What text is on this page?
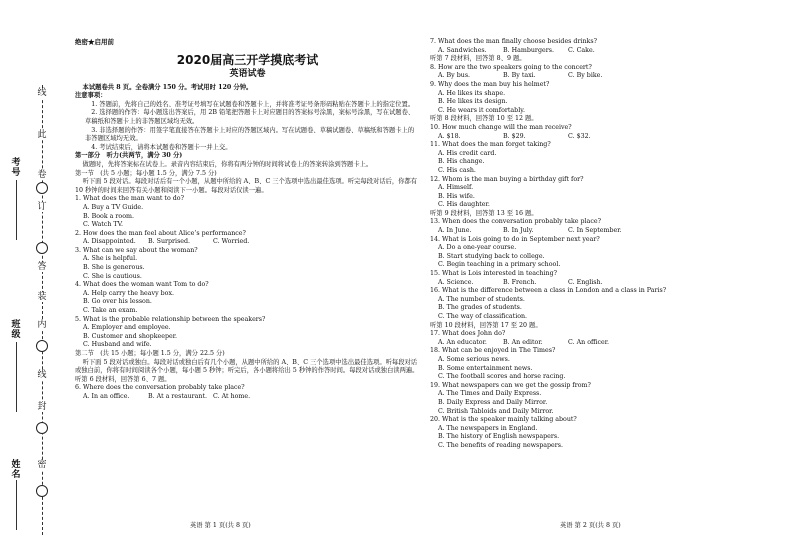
线
此
卷
订
答
装
内
线
封
密
考号
班级
姓名
绝密★启用前
2020届高三开学摸底考试
英语试卷
本试题卷共 8 页。全卷满分 150 分。考试用时 120 分钟。
注意事项：
1. 答题前，先将自己的姓名、准考证号填写在试题卷和答题卡上，并将准考证号条形码粘贴在答题卡上的指定位置。
2. 选择题的作答：每小题选出答案后，用 2B 铅笔把答题卡上对应题目的答案标号涂黑，案标号涂黑，写在试题卷、草稿纸和答题卡上的非答题区域均无效。
3. 非选择题的作答：用签字笔直接答在答题卡上对应的答题区域内。写在试题卷、草稿试题卷、草稿纸和答题卡上的非答题区域均无效。
4. 考试结束后，请将本试题卷和答题卡一并上交。
第一部分　听力(共两节，满分 30 分)
做题时，先将答案标在试卷上。录音内容结束后，你将有两分钟的时间将试卷上的答案转涂到答题卡上。
第一节　(共 5 小题；每小题 1.5 分，满分 7.5 分)
听下面 5 段对话。每段对话后有一个小题，从题中所给的 A、B、C 三个选项中选出最佳选项。听完每段对话后，你都有 10 秒钟的时间来回答有关小题和阅读下一小题。每段对话仅读一遍。
1. What does the man want to do?
A. Buy a TV Guide.
B. Book a room.
C. Watch TV.
2. How does the man feel about Alice’s performance?
A. Disappointed.	B. Surprised.	C. Worried.
3. What can we say about the woman?
A. She is helpful.
B. She is generous.
C. She is cautious.
4. What does the woman want Tom to do?
A. Help carry the heavy box.
B. Go over his lesson.
C. Take an exam.
5. What is the probable relationship between the speakers?
A. Employer and employee.
B. Customer and shopkeeper.
C. Husband and wife.
第二节　(共 15 小题；每小题 1.5 分，满分 22.5 分)
听下面 5 段对话或独白。每段对话或独白后有几个小题，从题中所给的 A、B、C 三个选项中选出最佳选项。听每段对话或独白前，你将有时间阅读各个小题，每小题 5 秒钟；听完后，各小题将给出 5 秒钟的作答时间。每段对话或独白读两遍。
听第 6 段材料，回答第 6、7 题。
6. Where does the conversation probably take place?
A. In an office.	B. At a restaurant. C. At home.
7. What does the man finally choose besides drinks?
A. Sandwiches.	B. Hamburgers.	C. Cake.
听第 7 段材料，回答第 8、9 题。
8. How are the two speakers going to the concert?
A. By bus.	B. By taxi.	C. By bike.
9. Why does the man buy his helmet?
A. He likes its shape.
B. He likes its design.
C. He wears it comfortably.
听第 8 段材料，回答第 10 至 12 题。
10. How much change will the man receive?
A. $18.	B. $29.	C. $32.
11. What does the man forget taking?
A. His credit card.
B. His change.
C. His cash.
12. Whom is the man buying a birthday gift for?
A. Himself.
B. His wife.
C. His daughter.
听第 9 段材料，回答第 13 至 16 题。
13. When does the conversation probably take place?
A. In June.	B. In July.	C. In September.
14. What is Lois going to do in September next year?
A. Do a one-year course.
B. Start studying back to college.
C. Begin teaching in a primary school.
15. What is Lois interested in teaching?
A. Science.	B. French.	C. English.
16. What is the difference between a class in London and a class in Paris?
A. The number of students.
B. The grades of students.
C. The way of classification.
听第 10 段材料，回答第 17 至 20 题。
17. What does John do?
A. An educator.	B. An editor.	C. An officer.
18. What can be enjoyed in The Times?
A. Some serious news.
B. Some entertainment news.
C. The football scores and horse racing.
19. What newspapers can we get the gossip from?
A. The Times and Daily Express.
B. Daily Express and Daily Mirror.
C. British Tabloids and Daily Mirror.
20. What is the speaker mainly talking about?
A. The newspapers in England.
B. The history of English newspapers.
C. The benefits of reading newspapers.
英语 第 1 页(共 8 页)	英语 第 2 页(共 8 页)
